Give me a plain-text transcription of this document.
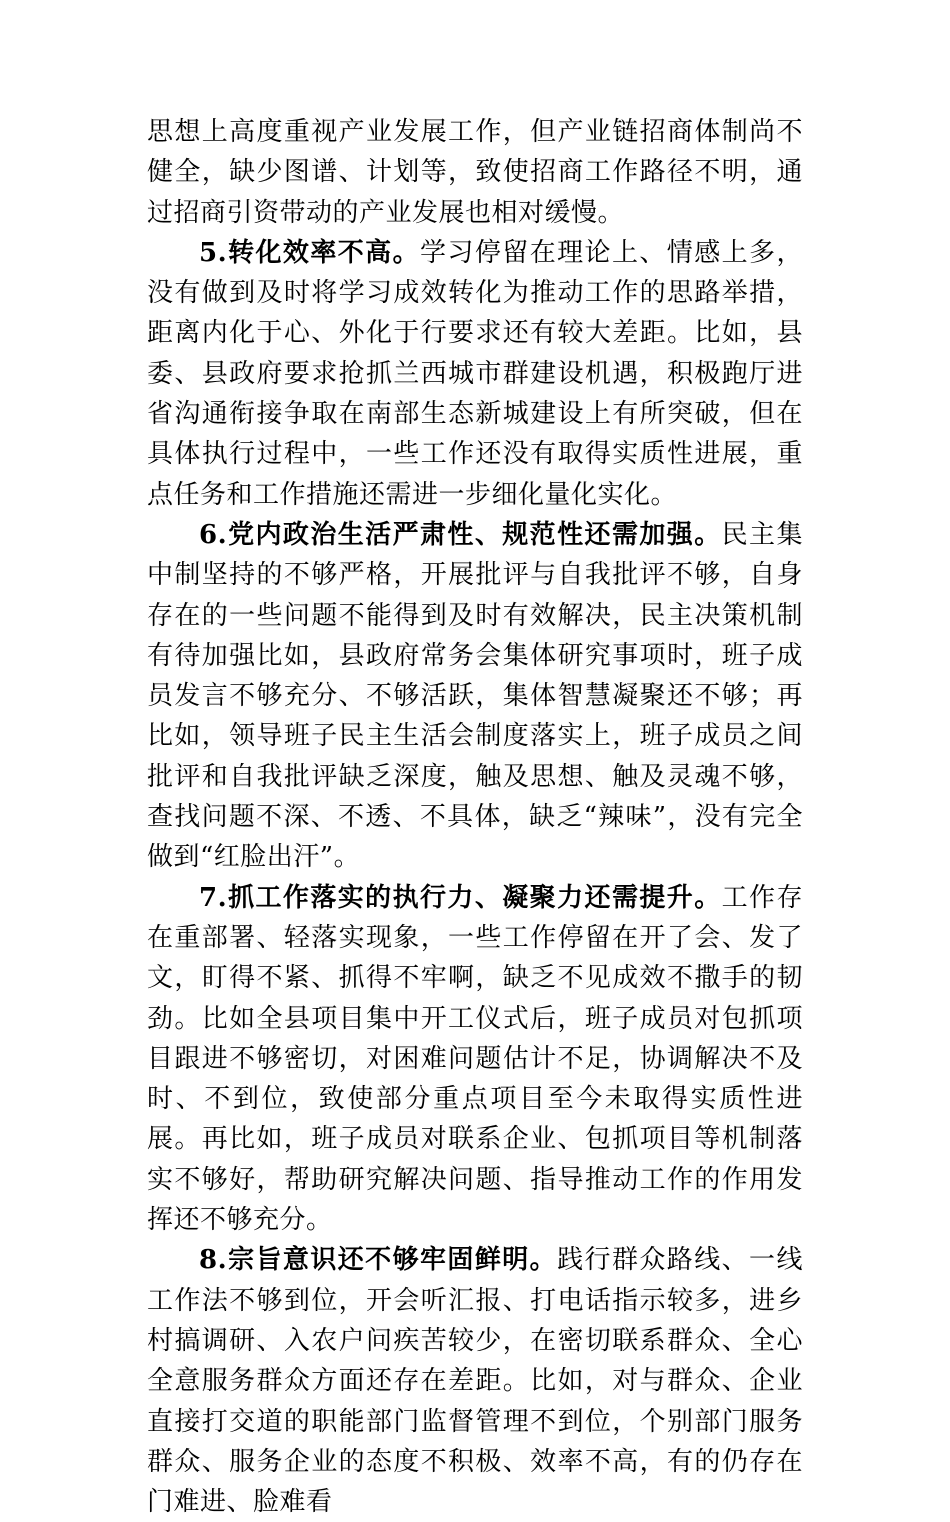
思想上高度重视产业发展工作，但产业链招商体制尚不健全，缺少图谱、计划等，致使招商工作路径不明，通过招商引资带动的产业发展也相对缓慢。

5.转化效率不高。学习停留在理论上、情感上多，没有做到及时将学习成效转化为推动工作的思路举措，距离内化于心、外化于行要求还有较大差距。比如，县委、县政府要求抢抓兰西城市群建设机遇，积极跑厅进省沟通衔接争取在南部生态新城建设上有所突破，但在具体执行过程中，一些工作还没有取得实质性进展，重点任务和工作措施还需进一步细化量化实化。

6.党内政治生活严肃性、规范性还需加强。民主集中制坚持的不够严格，开展批评与自我批评不够，自身存在的一些问题不能得到及时有效解决，民主决策机制有待加强比如，县政府常务会集体研究事项时，班子成员发言不够充分、不够活跃，集体智慧凝聚还不够；再比如，领导班子民主生活会制度落实上，班子成员之间批评和自我批评缺乏深度，触及思想、触及灵魂不够，查找问题不深、不透、不具体，缺乏“辣味”，没有完全做到“红脸出汗”。

7.抓工作落实的执行力、凝聚力还需提升。工作存在重部署、轻落实现象，一些工作停留在开了会、发了文，盯得不紧、抓得不牢啊，缺乏不见成效不撒手的韧劲。比如全县项目集中开工仪式后，班子成员对包抓项目跟进不够密切，对困难问题估计不足，协调解决不及时、不到位，致使部分重点项目至今未取得实质性进展。再比如，班子成员对联系企业、包抓项目等机制落实不够好，帮助研究解决问题、指导推动工作的作用发挥还不够充分。

8.宗旨意识还不够牢固鲜明。践行群众路线、一线工作法不够到位，开会听汇报、打电话指示较多，进乡村搞调研、入农户问疾苦较少，在密切联系群众、全心全意服务群众方面还存在差距。比如，对与群众、企业直接打交道的职能部门监督管理不到位，个别部门服务群众、服务企业的态度不积极、效率不高，有的仍存在门难进、脸难看
